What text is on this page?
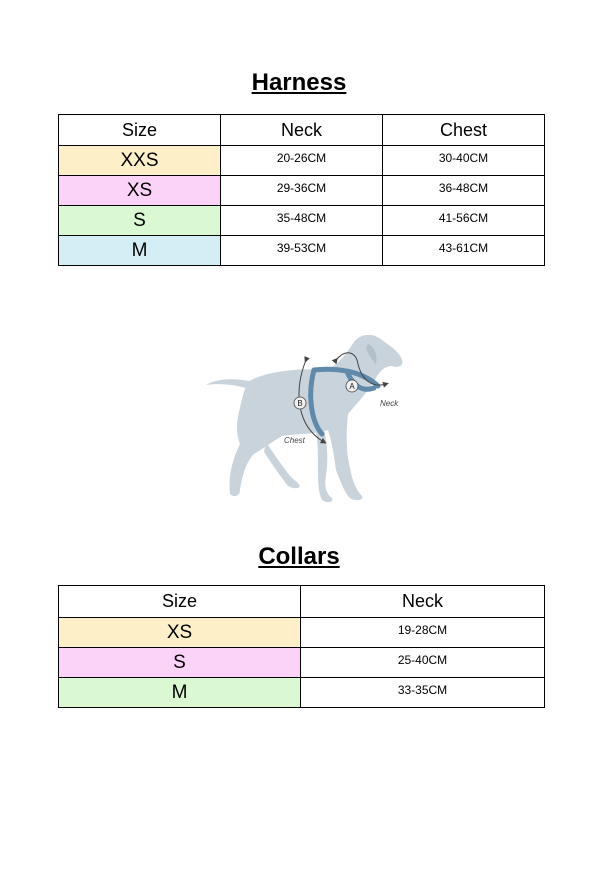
Harness
Size	Neck	Chest
XXS	20-26CM	30-40CM
XS	29-36CM	36-48CM
S	35-48CM	41-56CM
M	39-53CM	43-61CM
A
B	Neck
Chest
Collars
Size	Neck
XS	19-28CM
S	25-40CM
M	33-35CM
